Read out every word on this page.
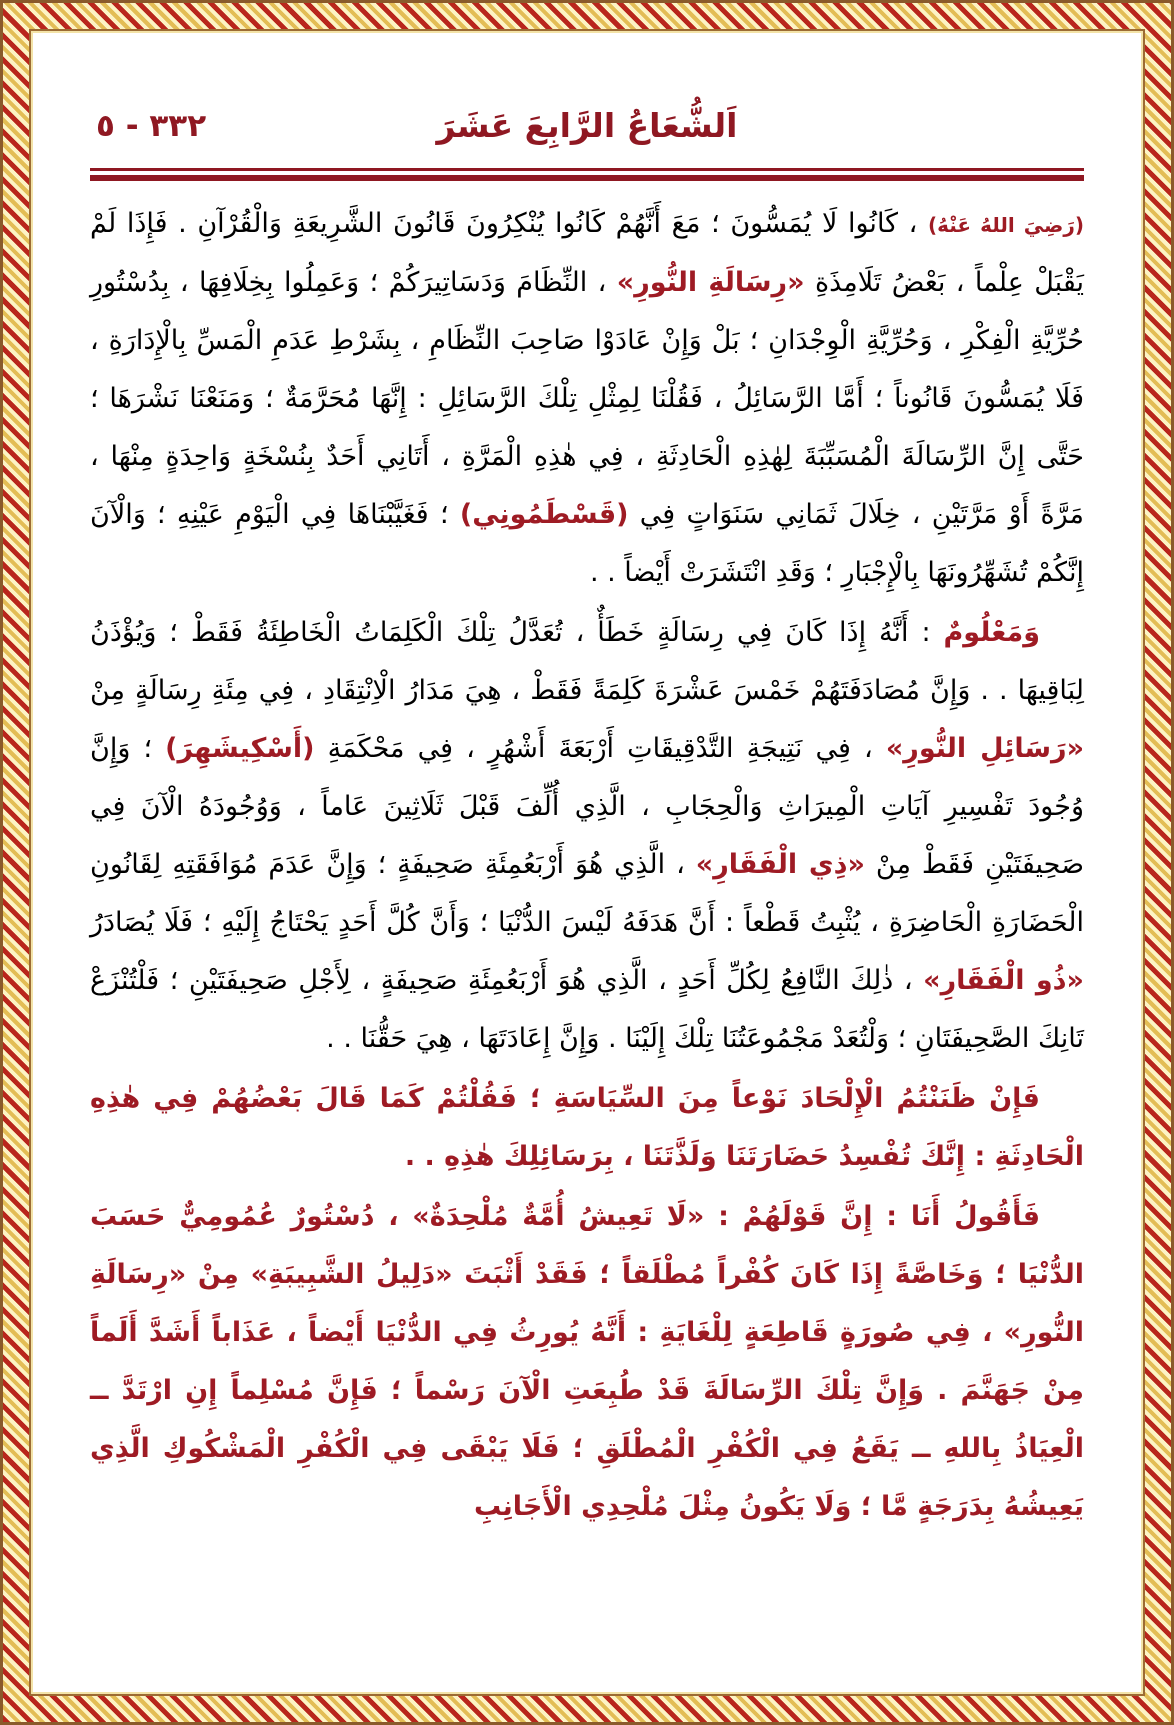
٣٣٢ - ٥	اَلشُّعَاعُ الرَّابِعَ عَشَرَ

(رَضِيَ اللهُ عَنْهُ) ، كَانُوا لَا يُمَسُّونَ ؛ مَعَ أَنَّهُمْ كَانُوا يُنْكِرُونَ قَانُونَ الشَّرِيعَةِ وَالْقُرْآنِ . فَإِذَا لَمْ يَقْبَلْ عِلْماً ، بَعْضُ تَلَامِذَةِ «رِسَالَةِ النُّورِ» ، النِّظَامَ وَدَسَاتِيرَكُمْ ؛ وَعَمِلُوا بِخِلَافِهَا ، بِدُسْتُورِ حُرِّيَّةِ الْفِكْرِ ، وَحُرِّيَّةِ الْوِجْدَانِ ؛ بَلْ وَإِنْ عَادَوْا صَاحِبَ النِّظَامِ ، بِشَرْطِ عَدَمِ الْمَسِّ بِالْإِدَارَةِ ، فَلَا يُمَسُّونَ قَانُوناً ؛ أَمَّا الرَّسَائِلُ ، فَقُلْنَا لِمِثْلِ تِلْكَ الرَّسَائِلِ : إِنَّهَا مُحَرَّمَةٌ ؛ وَمَنَعْنَا نَشْرَهَا ؛ حَتَّى إِنَّ الرِّسَالَةَ الْمُسَبِّبَةَ لِهٰذِهِ الْحَادِثَةِ ، فِي هٰذِهِ الْمَرَّةِ ، أَتَانِي أَحَدٌ بِنُسْخَةٍ وَاحِدَةٍ مِنْهَا ، مَرَّةً أَوْ مَرَّتَيْنِ ، خِلَالَ ثَمَانِي سَنَوَاتٍ فِي (قَسْطَمُونِي) ؛ فَغَيَّبْنَاهَا فِي الْيَوْمِ عَيْنِهِ ؛ وَالْآنَ إِنَّكُمْ تُشَهِّرُونَهَا بِالْإِجْبَارِ ؛ وَقَدِ انْتَشَرَتْ أَيْضاً . .

وَمَعْلُومٌ : أَنَّهُ إِذَا كَانَ فِي رِسَالَةٍ خَطَأٌ ، تُعَدَّلُ تِلْكَ الْكَلِمَاتُ الْخَاطِئَةُ فَقَطْ ؛ وَيُؤْذَنُ لِبَاقِيهَا . . وَإِنَّ مُصَادَفَتَهُمْ خَمْسَ عَشْرَةَ كَلِمَةً فَقَطْ ، هِيَ مَدَارُ الْاِنْتِقَادِ ، فِي مِئَةِ رِسَالَةٍ مِنْ «رَسَائِلِ النُّورِ» ، فِي نَتِيجَةِ التَّدْقِيقَاتِ أَرْبَعَةَ أَشْهُرٍ ، فِي مَحْكَمَةِ (أَسْكِيشَهِرَ) ؛ وَإِنَّ وُجُودَ تَفْسِيرِ آيَاتِ الْمِيرَاثِ وَالْحِجَابِ ، الَّذِي أُلِّفَ قَبْلَ ثَلَاثِينَ عَاماً ، وَوُجُودَهُ الْآنَ فِي صَحِيفَتَيْنِ فَقَطْ مِنْ «ذِي الْفَقَارِ» ، الَّذِي هُوَ أَرْبَعُمِئَةِ صَحِيفَةٍ ؛ وَإِنَّ عَدَمَ مُوَافَقَتِهِ لِقَانُونِ الْحَضَارَةِ الْحَاضِرَةِ ، يُثْبِتُ قَطْعاً : أَنَّ هَدَفَهُ لَيْسَ الدُّنْيَا ؛ وَأَنَّ كُلَّ أَحَدٍ يَحْتَاجُ إِلَيْهِ ؛ فَلَا يُصَادَرُ «ذُو الْفَقَارِ» ، ذٰلِكَ النَّافِعُ لِكُلِّ أَحَدٍ ، الَّذِي هُوَ أَرْبَعُمِئَةِ صَحِيفَةٍ ، لِأَجْلِ صَحِيفَتَيْنِ ؛ فَلْتُنْزَعْ تَانِكَ الصَّحِيفَتَانِ ؛ وَلْتُعَدْ مَجْمُوعَتُنَا تِلْكَ إِلَيْنَا . وَإِنَّ إِعَادَتَهَا ، هِيَ حَقُّنَا . .

فَإِنْ ظَنَنْتُمُ الْإِلْحَادَ نَوْعاً مِنَ السِّيَاسَةِ ؛ فَقُلْتُمْ كَمَا قَالَ بَعْضُهُمْ فِي هٰذِهِ الْحَادِثَةِ : إِنَّكَ تُفْسِدُ حَضَارَتَنَا وَلَذَّتَنَا ، بِرَسَائِلِكَ هٰذِهِ . .

فَأَقُولُ أَنَا : إِنَّ قَوْلَهُمْ : «لَا تَعِيشُ أُمَّةٌ مُلْحِدَةٌ» ، دُسْتُورٌ عُمُومِيٌّ حَسَبَ الدُّنْيَا ؛ وَخَاصَّةً إِذَا كَانَ كُفْراً مُطْلَقاً ؛ فَقَدْ أَثْبَتَ «دَلِيلُ الشَّبِيبَةِ» مِنْ «رِسَالَةِ النُّورِ» ، فِي صُورَةٍ قَاطِعَةٍ لِلْغَايَةِ : أَنَّهُ يُورِثُ فِي الدُّنْيَا أَيْضاً ، عَذَاباً أَشَدَّ أَلَماً مِنْ جَهَنَّمَ . وَإِنَّ تِلْكَ الرِّسَالَةَ قَدْ طُبِعَتِ الْآنَ رَسْماً ؛ فَإِنَّ مُسْلِماً إِنِ ارْتَدَّ ــ الْعِيَاذُ بِاللهِ ــ يَقَعُ فِي الْكُفْرِ الْمُطْلَقِ ؛ فَلَا يَبْقَى فِي الْكُفْرِ الْمَشْكُوكِ الَّذِي يَعِيشُهُ بِدَرَجَةٍ مَّا ؛ وَلَا يَكُونُ مِثْلَ مُلْحِدِي الْأَجَانِبِ
